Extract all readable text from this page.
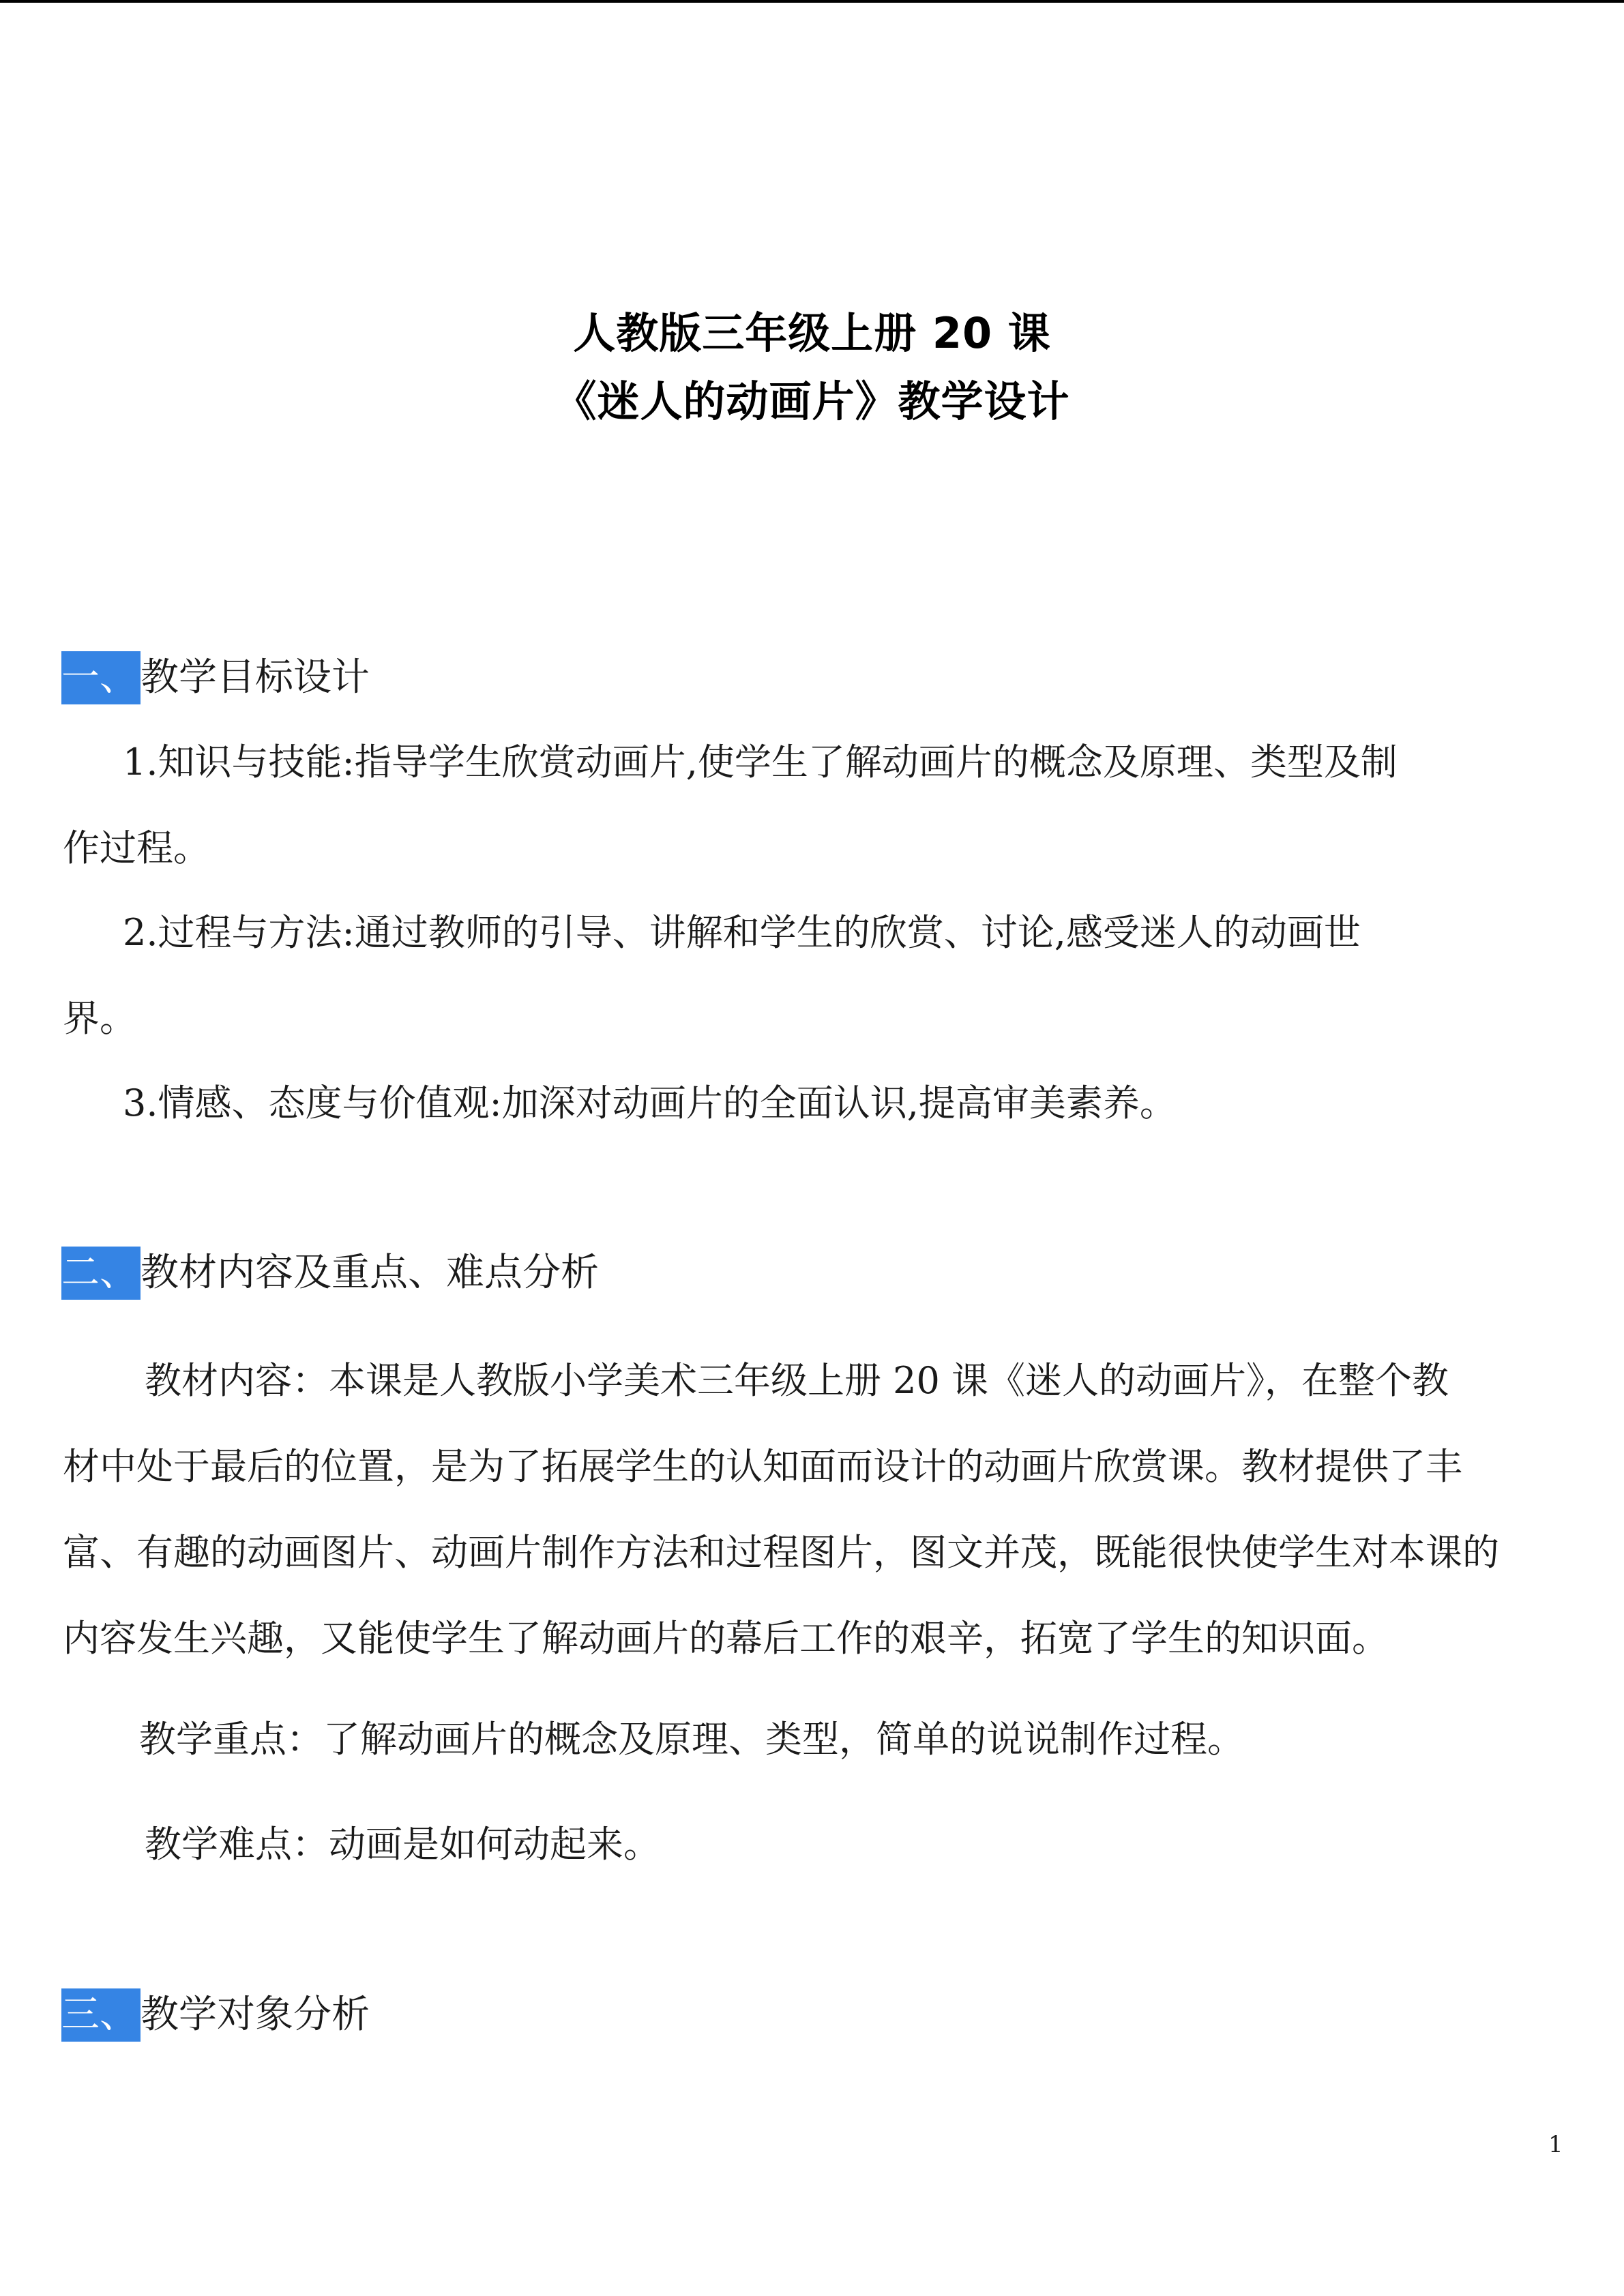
人教版三年级上册 20 课
《迷人的动画片》教学设计
一、 教学目标设计
1.知识与技能:指导学生欣赏动画片,使学生了解动画片的概念及原理、类型及制
作过程。
2.过程与方法:通过教师的引导、讲解和学生的欣赏、讨论,感受迷人的动画世
界。
3.情感、态度与价值观:加深对动画片的全面认识,提高审美素养。
二、 教材内容及重点、难点分析
教材内容：本课是人教版小学美术三年级上册 20 课《迷人的动画片》，在整个教
材中处于最后的位置，是为了拓展学生的认知面而设计的动画片欣赏课。教材提供了丰
富、有趣的动画图片、动画片制作方法和过程图片，图文并茂，既能很快使学生对本课的
内容发生兴趣，又能使学生了解动画片的幕后工作的艰辛，拓宽了学生的知识面。
教学重点：了解动画片的概念及原理、类型，简单的说说制作过程。
教学难点：动画是如何动起来。
三、 教学对象分析
1
